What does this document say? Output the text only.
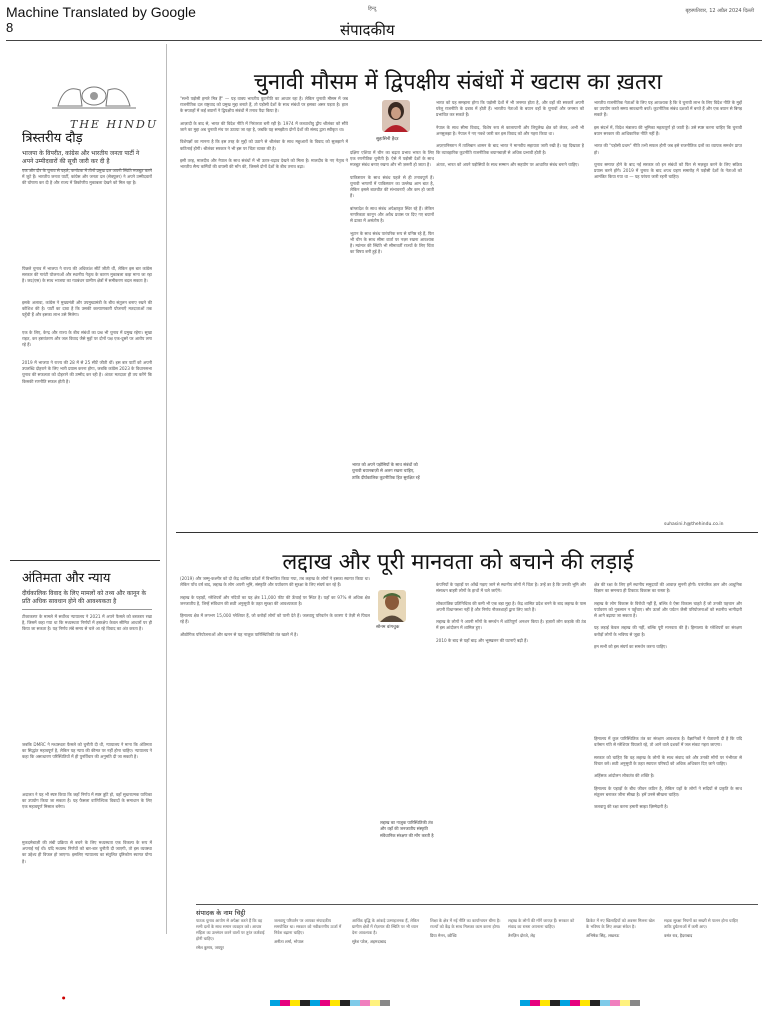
Machine Translated by Google
8
हिन्दू
संपादकीय
बृहस्पतिवार, 12 अप्रैल 2024 दिल्ली
THE HINDU
त्रिस्तरीय दौड़
भाजपा के विपरीत, कांग्रेस और भारतीय जनता पार्टी ने अपने उम्मीदवारों की सूची जारी कर दी है
एक और दौर के चुनाव से पहले, कर्नाटक में तीनों प्रमुख दल अपनी स्थिति मजबूत करने में जुटे हैं। भारतीय जनता पार्टी, कांग्रेस और जनता दल (सेक्युलर) ने अपने उम्मीदवारों की घोषणा कर दी है और राज्य में त्रिकोणीय मुकाबला देखने को मिल रहा है।
पिछले चुनाव में भाजपा ने राज्य की अधिकांश सीटें जीती थीं, लेकिन इस बार कांग्रेस सरकार की गारंटी योजनाओं और स्थानीय नेतृत्व के कारण मुकाबला कड़ा माना जा रहा है। जद(एस) के साथ भाजपा का गठबंधन ग्रामीण क्षेत्रों में समीकरण बदल सकता है।
इसके अलावा, कांग्रेस ने मुख्यमंत्री और उपमुख्यमंत्री के बीच संतुलन बनाए रखने की कोशिश की है। पार्टी का दावा है कि उसकी कल्याणकारी योजनाएँ मतदाताओं तक पहुँची हैं और इसका लाभ उसे मिलेगा।
एक के लिए, केन्द्र और राज्य के बीच संबंधों का प्रश्न भी चुनाव में प्रमुख रहेगा। सूखा राहत, कर हस्तांतरण और जल विवाद जैसे मुद्दों पर दोनों पक्ष एक-दूसरे पर आरोप लगा रहे हैं।
2019 में भाजपा ने राज्य की 28 में से 25 सीटें जीती थीं। इस बार पार्टी को अपनी उपलब्धि दोहराने के लिए भारी प्रयास करना होगा, जबकि कांग्रेस 2023 के विधानसभा चुनाव की सफलता को दोहराने की उम्मीद कर रही है। अंततः मतदाता ही तय करेंगे कि किसकी रणनीति सफल होती है।
अंतिमता और न्याय
दीर्घकालिक विवाद के लिए मामलों को तथ्य और कानून के प्रति अधिक सावधान होने की आवश्यकता है
टीकाकरण के मामले में सर्वोच्च न्यायालय ने 2021 में अपने फैसले को बरकरार रखा है, जिसमें कहा गया था कि मध्यस्थता निर्णयों में हस्तक्षेप केवल सीमित आधारों पर ही किया जा सकता है। यह निर्णय लंबे समय से चले आ रहे विवाद का अंत करता है।
जबकि DMRC ने मध्यस्थता फैसले को चुनौती दी थी, न्यायालय ने माना कि अंतिमता का सिद्धांत महत्वपूर्ण है, लेकिन यह न्याय की कीमत पर नहीं होना चाहिए। न्यायालय ने कहा कि असाधारण परिस्थितियों में ही पुनर्विचार की अनुमति दी जा सकती है।
अदालत ने यह भी स्पष्ट किया कि जहाँ निर्णय में स्पष्ट त्रुटि हो, वहाँ सुधारात्मक याचिका का उपयोग किया जा सकता है। यह फैसला वाणिज्यिक विवादों के समाधान के लिए एक महत्वपूर्ण मिसाल बनेगा।
मुकदमेबाज़ी की लंबी प्रक्रिया से बचने के लिए मध्यस्थता एक विकल्प के रूप में अपनाई गई थी। यदि मध्यस्थ निर्णयों को बार-बार चुनौती दी जाएगी, तो इस व्यवस्था का उद्देश्य ही विफल हो जाएगा। इसलिए न्यायालय का संतुलित दृष्टिकोण स्वागत योग्य है।
चुनावी मौसम में द्विपक्षीय संबंधों में खटास का ख़तरा
सुहासिनी हैदर
"सभी पड़ोसी हमारे मित्र हैं" — यह वाक्य भारतीय कूटनीति का आधार रहा है। लेकिन चुनावी मौसम में जब राजनीतिक दल राष्ट्रवाद को प्रमुख मुद्दा बनाते हैं, तो पड़ोसी देशों के साथ संबंधों पर इसका असर पड़ता है। हाल के सप्ताहों में कई बयानों ने द्विपक्षीय संबंधों में तनाव पैदा किया है।

आज़ादी के बाद से, भारत की विदेश नीति में निरंतरता बनी रही है। 1974 में कच्चाथीवु द्वीप श्रीलंका को सौंपे जाने का मुद्दा अब चुनावी मंच पर उठाया जा रहा है, जबकि यह समझौता दोनों देशों की संसद द्वारा स्वीकृत था।

विशेषज्ञों का मानना है कि इस तरह के मुद्दों को उठाने से श्रीलंका के साथ मछुआरों के विवाद को सुलझाने में कठिनाई होगी। श्रीलंका सरकार ने भी इस पर चिंता व्यक्त की है।

इसी तरह, मालदीव और नेपाल के साथ संबंधों में भी उतार-चढ़ाव देखने को मिला है। मालदीव के नए नेतृत्व ने भारतीय सैन्य कर्मियों की वापसी की माँग की, जिससे दोनों देशों के बीच तनाव बढ़ा।
दक्षिण एशिया में चीन का बढ़ता प्रभाव भारत के लिए एक रणनीतिक चुनौती है। ऐसे में पड़ोसी देशों के साथ मजबूत संबंध बनाए रखना और भी ज़रूरी हो जाता है।

पाकिस्तान के साथ संबंध पहले से ही तनावपूर्ण हैं। चुनावी भाषणों में पाकिस्तान का उल्लेख आम बात है, लेकिन इससे बातचीत की संभावनाएँ और कम हो जाती हैं।

बांग्लादेश के साथ संबंध अपेक्षाकृत स्थिर रहे हैं। लेकिन नागरिकता कानून और अवैध प्रवास पर दिए गए बयानों से ढाका में असंतोष है।

भूटान के साथ संबंध पारंपरिक रूप से घनिष्ठ रहे हैं, फिर भी चीन के साथ सीमा वार्ता पर नज़र रखना आवश्यक है। म्यांमार की स्थिति भी सीमावर्ती राज्यों के लिए चिंता का विषय बनी हुई है।
भारत को अपने पड़ोसियों के साथ संबंधों को चुनावी बयानबाज़ी से अलग रखना चाहिए, ताकि दीर्घकालिक कूटनीतिक हित सुरक्षित रहें
भारत को यह समझना होगा कि पड़ोसी देशों में भी जनमत होता है, और वहाँ की सरकारें अपनी घरेलू राजनीति के दबाव में होती हैं। भारतीय नेताओं के बयान वहाँ के चुनावों और जनमत को प्रभावित कर सकते हैं।

नेपाल के साथ सीमा विवाद, विशेष रूप से कालापानी और लिपुलेख क्षेत्र को लेकर, अभी भी अनसुलझा है। नेपाल ने नए नक्शे जारी कर इस विवाद को और गहरा किया था।

अफ़ग़ानिस्तान में तालिबान शासन के बाद भारत ने मानवीय सहायता जारी रखी है। यह दिखाता है कि व्यावहारिक कूटनीति राजनीतिक बयानबाज़ी से अधिक प्रभावी होती है।

अंततः, भारत को अपने पड़ोसियों के साथ सम्मान और सहयोग पर आधारित संबंध बनाने चाहिए।
भारतीय राजनीतिक नेताओं के लिए यह आवश्यक है कि वे चुनावी लाभ के लिए विदेश नीति के मुद्दों का उपयोग करते समय सावधानी बरतें। कूटनीतिक संबंध दशकों में बनते हैं और एक बयान से बिगड़ सकते हैं।

इस संदर्भ में, विदेश मंत्रालय की भूमिका महत्वपूर्ण हो जाती है। उसे स्पष्ट करना चाहिए कि चुनावी बयान सरकार की आधिकारिक नीति नहीं हैं।

भारत की "पड़ोसी प्रथम" नीति तभी सफल होगी जब इसे राजनीतिक दलों का व्यापक समर्थन प्राप्त हो।

चुनाव समाप्त होने के बाद नई सरकार को इन संबंधों को फिर से मज़बूत करने के लिए सक्रिय प्रयास करने होंगे। 2019 में चुनाव के बाद शपथ ग्रहण समारोह में पड़ोसी देशों के नेताओं को आमंत्रित किया गया था — यह परंपरा जारी रहनी चाहिए।
suhasini.h@thehindu.co.in
लद्दाख और पूरी मानवता को बचाने की लड़ाई
सोनम वांगचुक
(2019) और जम्मू-कश्मीर को दो केंद्र शासित प्रदेशों में विभाजित किया गया, तब लद्दाख के लोगों ने इसका स्वागत किया था। लेकिन पाँच वर्ष बाद, लद्दाख के लोग अपनी भूमि, संस्कृति और पर्यावरण की सुरक्षा के लिए संघर्ष कर रहे हैं।

लद्दाख के पहाड़ों, ग्लेशियरों और नदियों का यह क्षेत्र 11,000 फीट की ऊँचाई पर स्थित है। यहाँ का 97% से अधिक क्षेत्र जनजातीय है, जिन्हें संविधान की छठी अनुसूची के तहत सुरक्षा की आवश्यकता है।

हिमालय क्षेत्र में लगभग 15,000 ग्लेशियर हैं, जो करोड़ों लोगों को पानी देते हैं। जलवायु परिवर्तन के कारण ये तेज़ी से पिघल रहे हैं।

औद्योगिक परियोजनाओं और खनन से यह नाज़ुक पारिस्थितिकी तंत्र खतरे में है।
कंपनियों के पहाड़ों पर आँखें गड़ाए जाने से स्थानीय लोगों में चिंता है। उन्हें डर है कि उनकी भूमि और संसाधन बाहरी लोगों के हाथों में चले जाएँगे।

लोकतांत्रिक प्रतिनिधित्व की कमी भी एक बड़ा मुद्दा है। केंद्र शासित प्रदेश बनने के बाद लद्दाख के पास अपनी विधानसभा नहीं है और निर्णय नौकरशाहों द्वारा लिए जाते हैं।

लद्दाख के लोगों ने अपनी माँगों के समर्थन में शांतिपूर्ण अनशन किया है। हज़ारों लोग कड़ाके की ठंड में इस आंदोलन में शामिल हुए।

2010 के बाद से यहाँ बाढ़ और भूस्खलन की घटनाएँ बढ़ी हैं।
लद्दाख का नाज़ुक पारिस्थितिकी तंत्र और वहाँ की जनजातीय संस्कृति संवैधानिक संरक्षण की माँग करती है
क्षेत्र की रक्षा के लिए हमें स्थानीय समुदायों की आवाज़ सुननी होगी। पारंपरिक ज्ञान और आधुनिक विज्ञान का समन्वय ही टिकाऊ विकास का रास्ता है।

लद्दाख के लोग विकास के विरोधी नहीं हैं, बल्कि वे ऐसा विकास चाहते हैं जो उनकी पहचान और पर्यावरण को नुकसान न पहुँचाए। सौर ऊर्जा और पर्यटन जैसी परियोजनाओं को स्थानीय भागीदारी से आगे बढ़ाया जा सकता है।

यह लड़ाई केवल लद्दाख की नहीं, बल्कि पूरी मानवता की है। हिमालय के ग्लेशियरों का संरक्षण करोड़ों लोगों के भविष्य से जुड़ा है।

हम सभी को इस संघर्ष का समर्थन करना चाहिए।
हिमालय में कुल पारिस्थितिक तंत्र का संरक्षण आवश्यक है। वैज्ञानिकों ने चेतावनी दी है कि यदि वर्तमान गति से ग्लेशियर पिघलते रहे, तो आने वाले दशकों में जल संकट गहरा जाएगा।

सरकार को चाहिए कि वह लद्दाख के लोगों के साथ संवाद करे और उनकी माँगों पर गंभीरता से विचार करे। छठी अनुसूची के तहत स्वायत्त परिषदों को अधिक अधिकार दिए जाने चाहिए।

अहिंसक आंदोलन लोकतंत्र की शक्ति है।

हिमालय के पहाड़ों के बीच जीवन कठिन है, लेकिन यहाँ के लोगों ने सदियों से प्रकृति के साथ संतुलन बनाकर जीना सीखा है। हमें उनसे सीखना चाहिए।

जलवायु की रक्षा करना हमारी साझा ज़िम्मेदारी है।
संपादक के नाम चिट्ठी
पाठक चुनाव आयोग से अपेक्षा करते हैं कि वह सभी दलों के साथ समान व्यवहार करे। आचार संहिता का उल्लंघन करने वालों पर तुरंत कार्रवाई होनी चाहिए।
रमेश कुमार, जयपुर
जलवायु परिवर्तन पर आपका संपादकीय समयोचित था। सरकार को नवीकरणीय ऊर्जा में निवेश बढ़ाना चाहिए।
अनीता शर्मा, भोपाल
आर्थिक वृद्धि के आंकड़े उत्साहजनक हैं, लेकिन ग्रामीण क्षेत्रों में रोज़गार की स्थिति पर भी ध्यान देना आवश्यक है।
सुरेश पटेल, अहमदाबाद
शिक्षा के क्षेत्र में नई नीति का कार्यान्वयन धीमा है। राज्यों को केंद्र के साथ मिलकर काम करना होगा।
प्रिया मेनन, कोच्चि
लद्दाख के लोगों की माँगें जायज़ हैं। सरकार को संवाद का रास्ता अपनाना चाहिए।
तेनज़िन दोरजे, लेह
क्रिकेट में नए खिलाड़ियों को अवसर मिलना खेल के भविष्य के लिए अच्छा संकेत है।
अभिषेक सिंह, लखनऊ
सड़क सुरक्षा नियमों का सख्ती से पालन होना चाहिए ताकि दुर्घटनाओं में कमी आए।
वसंत राव, हैदराबाद
●
